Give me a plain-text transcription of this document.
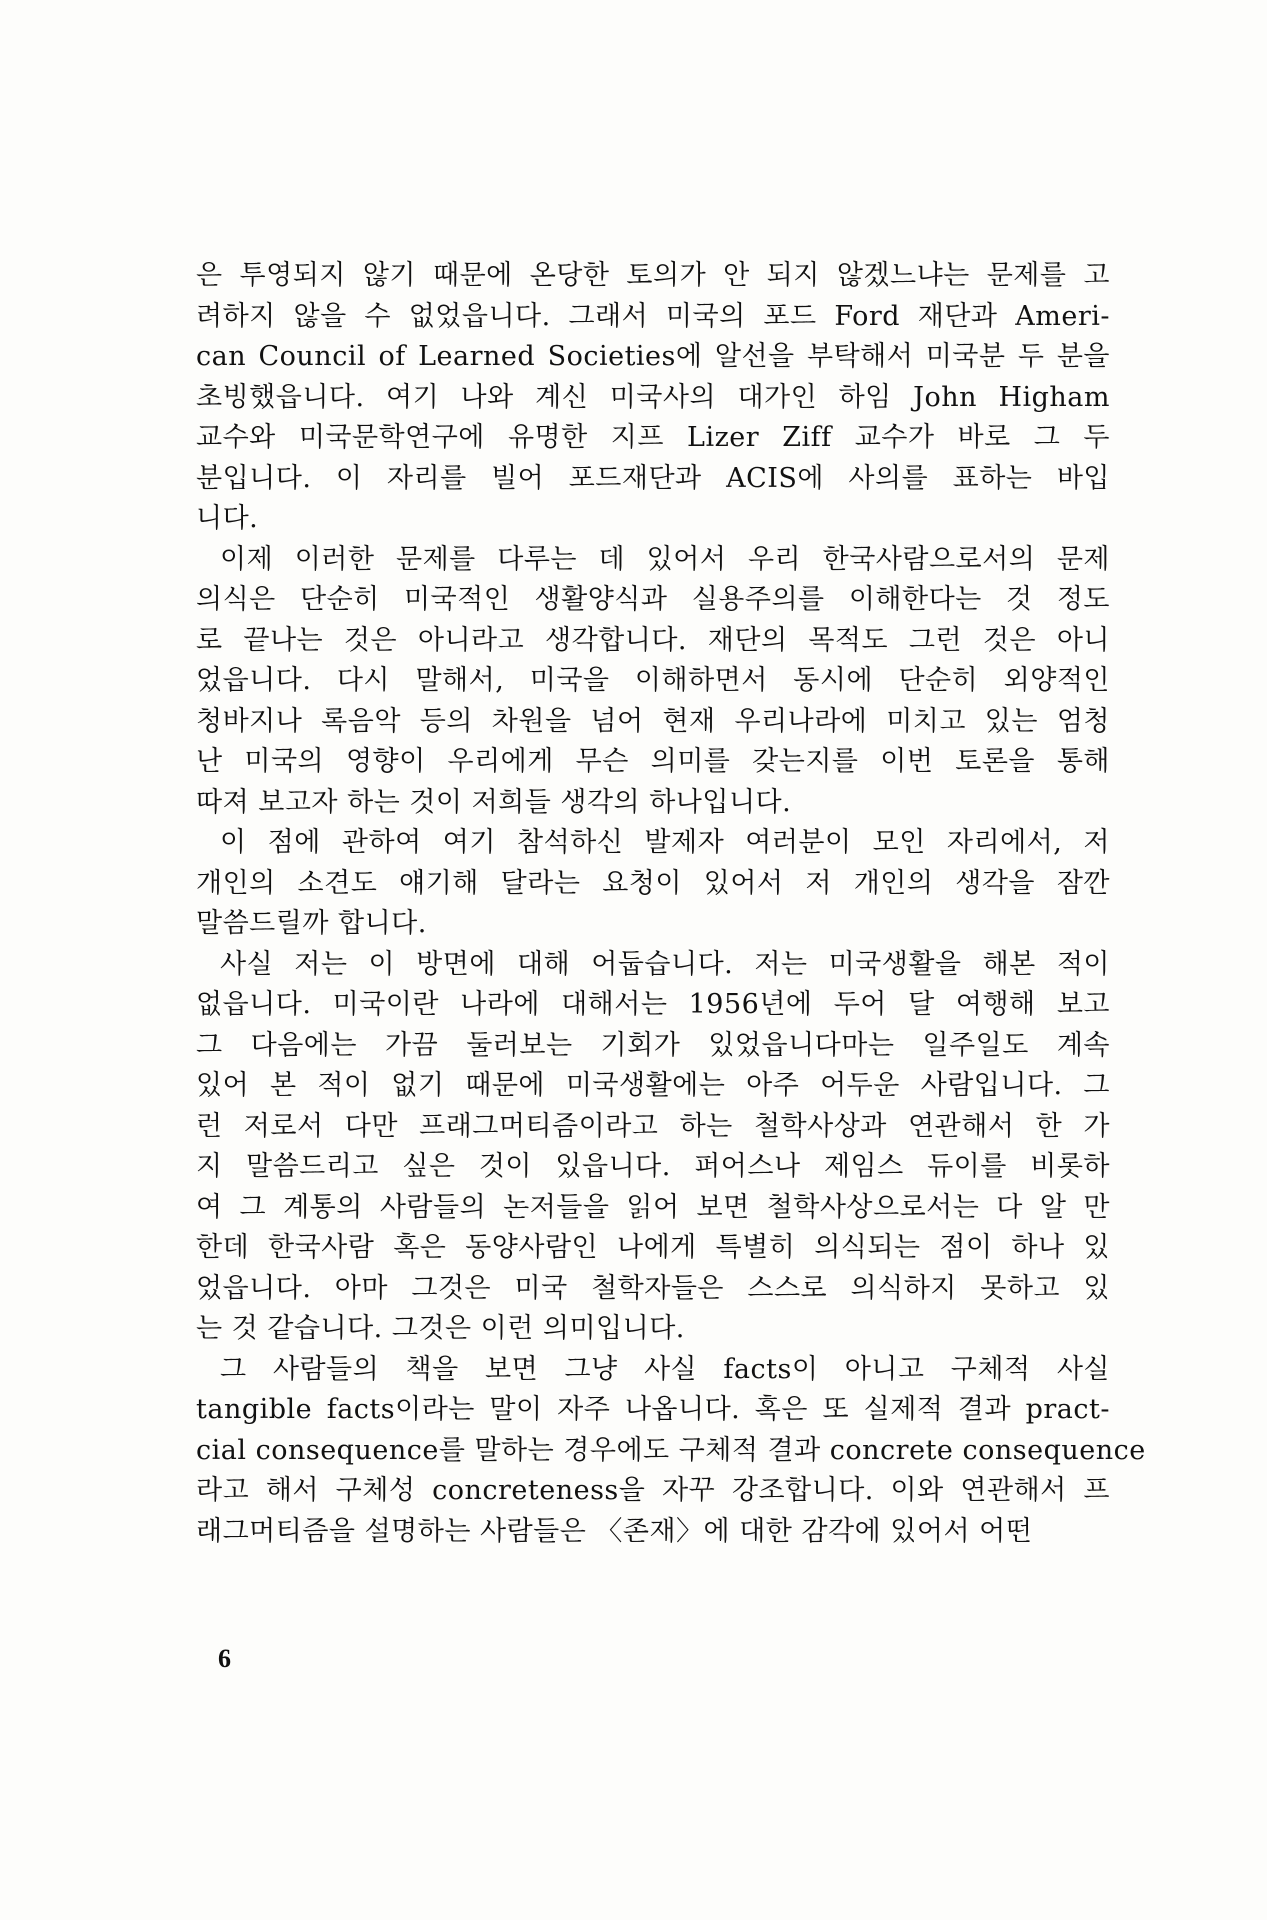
은 투영되지 않기 때문에 온당한 토의가 안 되지 않겠느냐는 문제를 고
려하지 않을 수 없었읍니다. 그래서 미국의 포드 Ford 재단과 Ameri-
can Council of Learned Societies에 알선을 부탁해서 미국분 두 분을
초빙했읍니다. 여기 나와 계신 미국사의 대가인 하임 John Higham
교수와 미국문학연구에 유명한 지프 Lizer Ziff 교수가 바로 그 두
분입니다. 이 자리를 빌어 포드재단과 ACIS에 사의를 표하는 바입
니다.
이제 이러한 문제를 다루는 데 있어서 우리 한국사람으로서의 문제
의식은 단순히 미국적인 생활양식과 실용주의를 이해한다는 것 정도
로 끝나는 것은 아니라고 생각합니다. 재단의 목적도 그런 것은 아니
었읍니다. 다시 말해서, 미국을 이해하면서 동시에 단순히 외양적인
청바지나 록음악 등의 차원을 넘어 현재 우리나라에 미치고 있는 엄청
난 미국의 영향이 우리에게 무슨 의미를 갖는지를 이번 토론을 통해
따져 보고자 하는 것이 저희들 생각의 하나입니다.
이 점에 관하여 여기 참석하신 발제자 여러분이 모인 자리에서, 저
개인의 소견도 얘기해 달라는 요청이 있어서 저 개인의 생각을 잠깐
말씀드릴까 합니다.
사실 저는 이 방면에 대해 어둡습니다. 저는 미국생활을 해본 적이
없읍니다. 미국이란 나라에 대해서는 1956년에 두어 달 여행해 보고
그 다음에는 가끔 둘러보는 기회가 있었읍니다마는 일주일도 계속
있어 본 적이 없기 때문에 미국생활에는 아주 어두운 사람입니다. 그
런 저로서 다만 프래그머티즘이라고 하는 철학사상과 연관해서 한 가
지 말씀드리고 싶은 것이 있읍니다. 퍼어스나 제임스 듀이를 비롯하
여 그 계통의 사람들의 논저들을 읽어 보면 철학사상으로서는 다 알 만
한데 한국사람 혹은 동양사람인 나에게 특별히 의식되는 점이 하나 있
었읍니다. 아마 그것은 미국 철학자들은 스스로 의식하지 못하고 있
는 것 같습니다. 그것은 이런 의미입니다.
그 사람들의 책을 보면 그냥 사실 facts이 아니고 구체적 사실
tangible facts이라는 말이 자주 나옵니다. 혹은 또 실제적 결과 pract-
cial consequence를 말하는 경우에도 구체적 결과 concrete consequence
라고 해서 구체성 concreteness을 자꾸 강조합니다. 이와 연관해서 프
래그머티즘을 설명하는 사람들은 〈존재〉에 대한 감각에 있어서 어떤
6
